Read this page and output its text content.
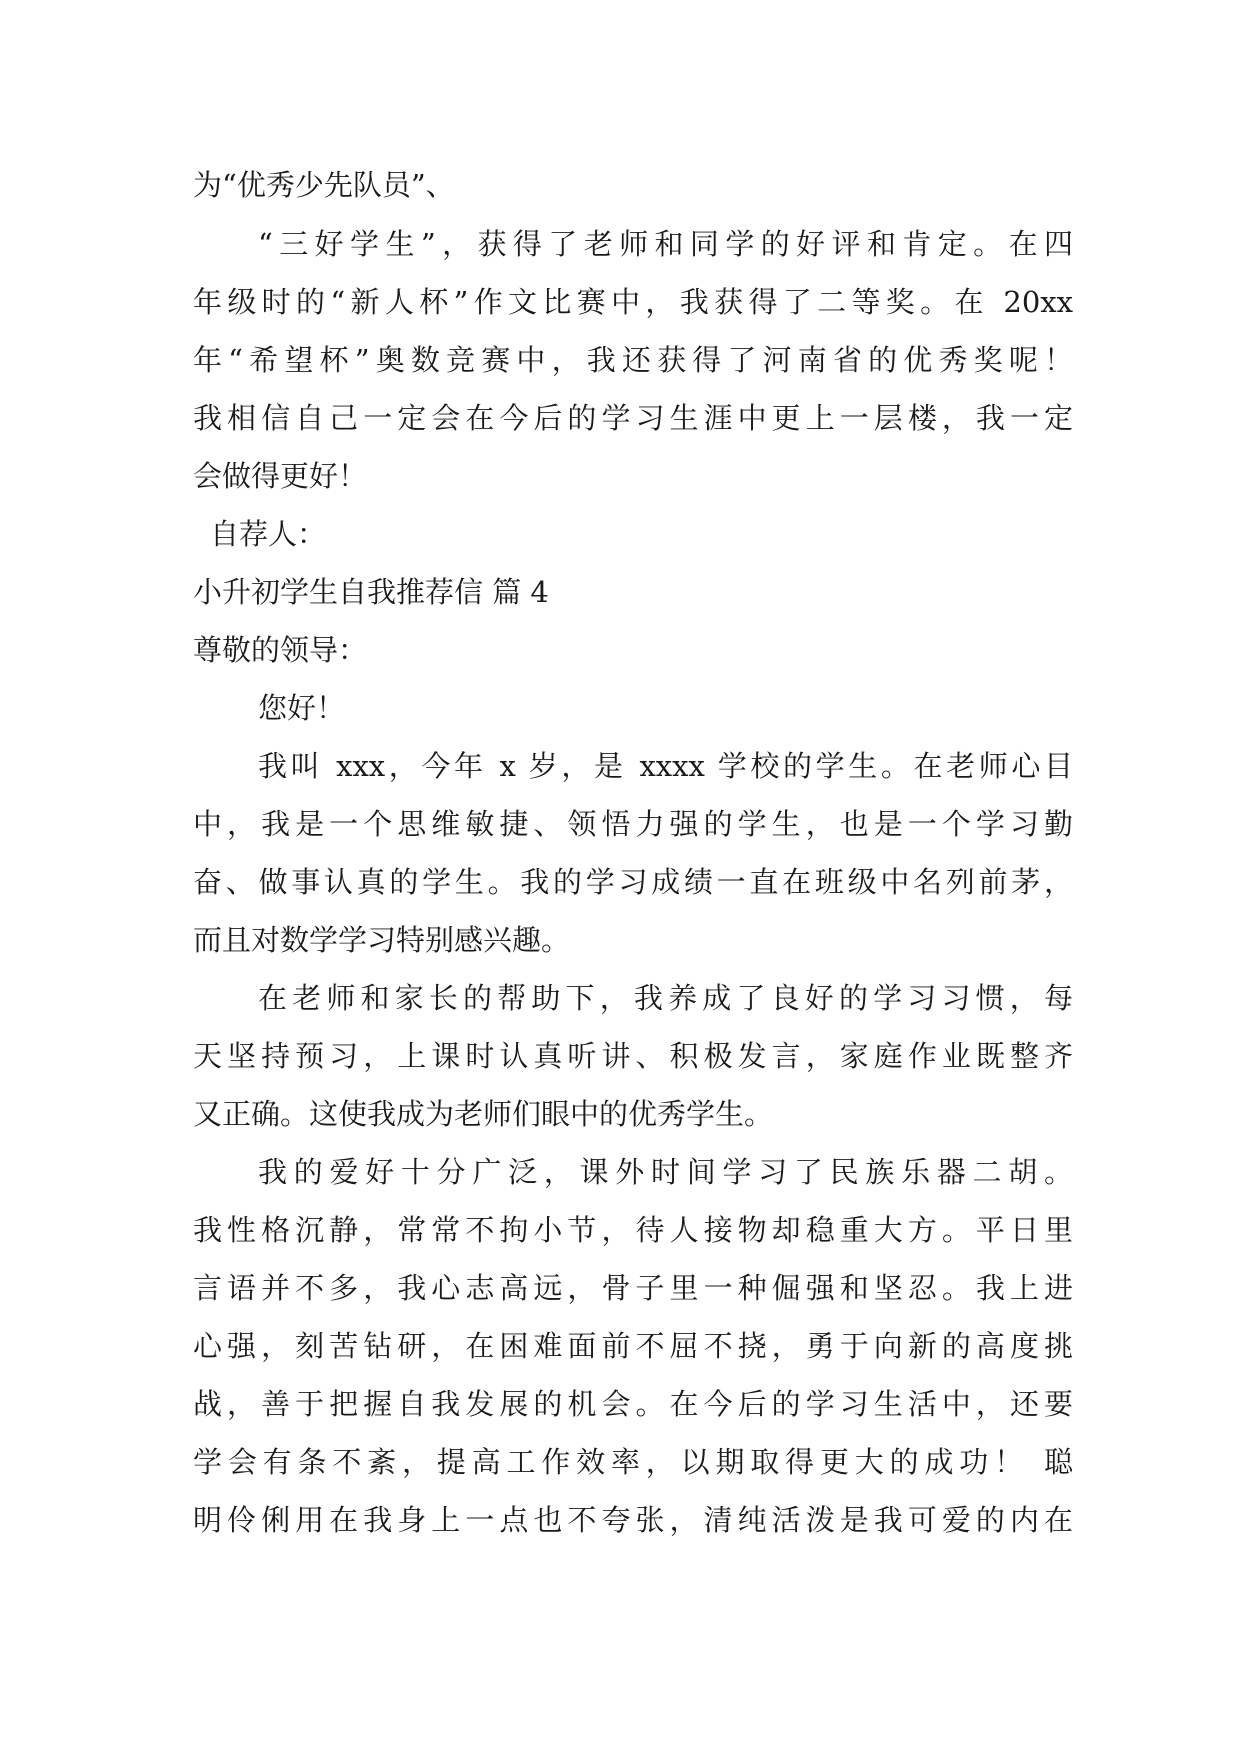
为“优秀少先队员”、
“三好学生”，获得了老师和同学的好评和肯定。在四
年级时的“新人杯”作文比赛中，我获得了二等奖。在 20xx
年“希望杯”奥数竞赛中，我还获得了河南省的优秀奖呢！
我相信自己一定会在今后的学习生涯中更上一层楼，我一定
会做得更好！
自荐人：
小升初学生自我推荐信 篇 4
尊敬的领导：
您好！
我叫 xxx，今年 x 岁，是 xxxx 学校的学生。在老师心目
中，我是一个思维敏捷、领悟力强的学生，也是一个学习勤
奋、做事认真的学生。我的学习成绩一直在班级中名列前茅，
而且对数学学习特别感兴趣。
在老师和家长的帮助下，我养成了良好的学习习惯，每
天坚持预习，上课时认真听讲、积极发言，家庭作业既整齐
又正确。这使我成为老师们眼中的优秀学生。
我的爱好十分广泛，课外时间学习了民族乐器二胡。
我性格沉静，常常不拘小节，待人接物却稳重大方。平日里
言语并不多，我心志高远，骨子里一种倔强和坚忍。我上进
心强，刻苦钻研，在困难面前不屈不挠，勇于向新的高度挑
战，善于把握自我发展的机会。在今后的学习生活中，还要
学会有条不紊，提高工作效率，以期取得更大的成功！ 聪
明伶俐用在我身上一点也不夸张，清纯活泼是我可爱的内在
